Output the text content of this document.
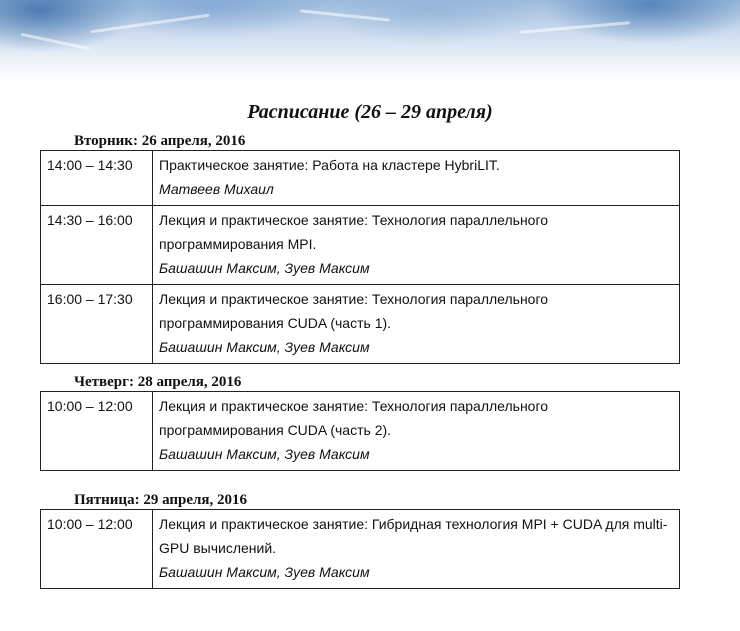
Расписание (26 – 29 апреля)
Вторник: 26 апреля, 2016
14:00 – 14:30	Практическое занятие: Работа на кластере HybriLIT.
Матвеев Михаил

14:30 – 16:00	Лекция и практическое занятие: Технология параллельного программирования MPI.
Башашин Максим, Зуев Максим

16:00 – 17:30	Лекция и практическое занятие: Технология параллельного программирования CUDA (часть 1).
Башашин Максим, Зуев Максим
Четверг: 28 апреля, 2016
10:00 – 12:00	Лекция и практическое занятие: Технология параллельного программирования CUDA (часть 2).
Башашин Максим, Зуев Максим
Пятница: 29 апреля, 2016
10:00 – 12:00	Лекция и практическое занятие: Гибридная технология MPI + CUDA для multi-GPU вычислений.
Башашин Максим, Зуев Максим
